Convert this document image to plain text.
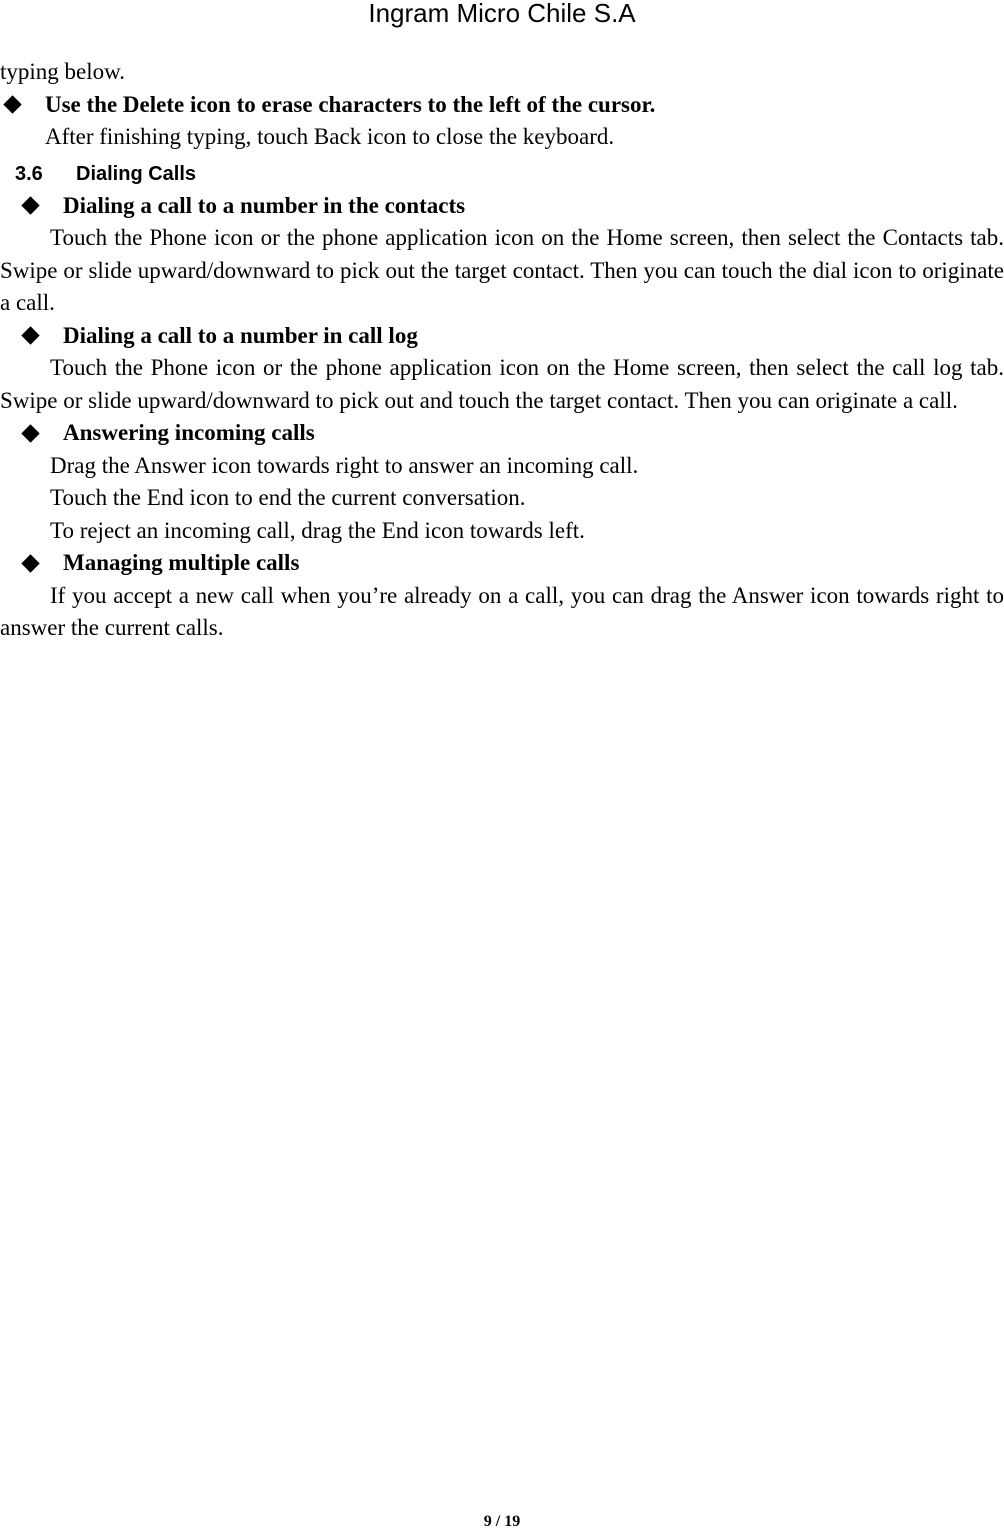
Ingram Micro Chile S.A
typing below.
Use the Delete icon to erase characters to the left of the cursor.
After finishing typing, touch Back icon to close the keyboard.
3.6 Dialing Calls
Dialing a call to a number in the contacts

Touch the Phone icon or the phone application icon on the Home screen, then select the Contacts tab. Swipe or slide upward/downward to pick out the target contact. Then you can touch the dial icon to originate a call.

Dialing a call to a number in call log

Touch the Phone icon or the phone application icon on the Home screen, then select the call log tab. Swipe or slide upward/downward to pick out and touch the target contact. Then you can originate a call.

Answering incoming calls
Drag the Answer icon towards right to answer an incoming call.
Touch the End icon to end the current conversation.
To reject an incoming call, drag the End icon towards left.
Managing multiple calls

If you accept a new call when you’re already on a call, you can drag the Answer icon towards right to answer the current calls.

9 / 19
